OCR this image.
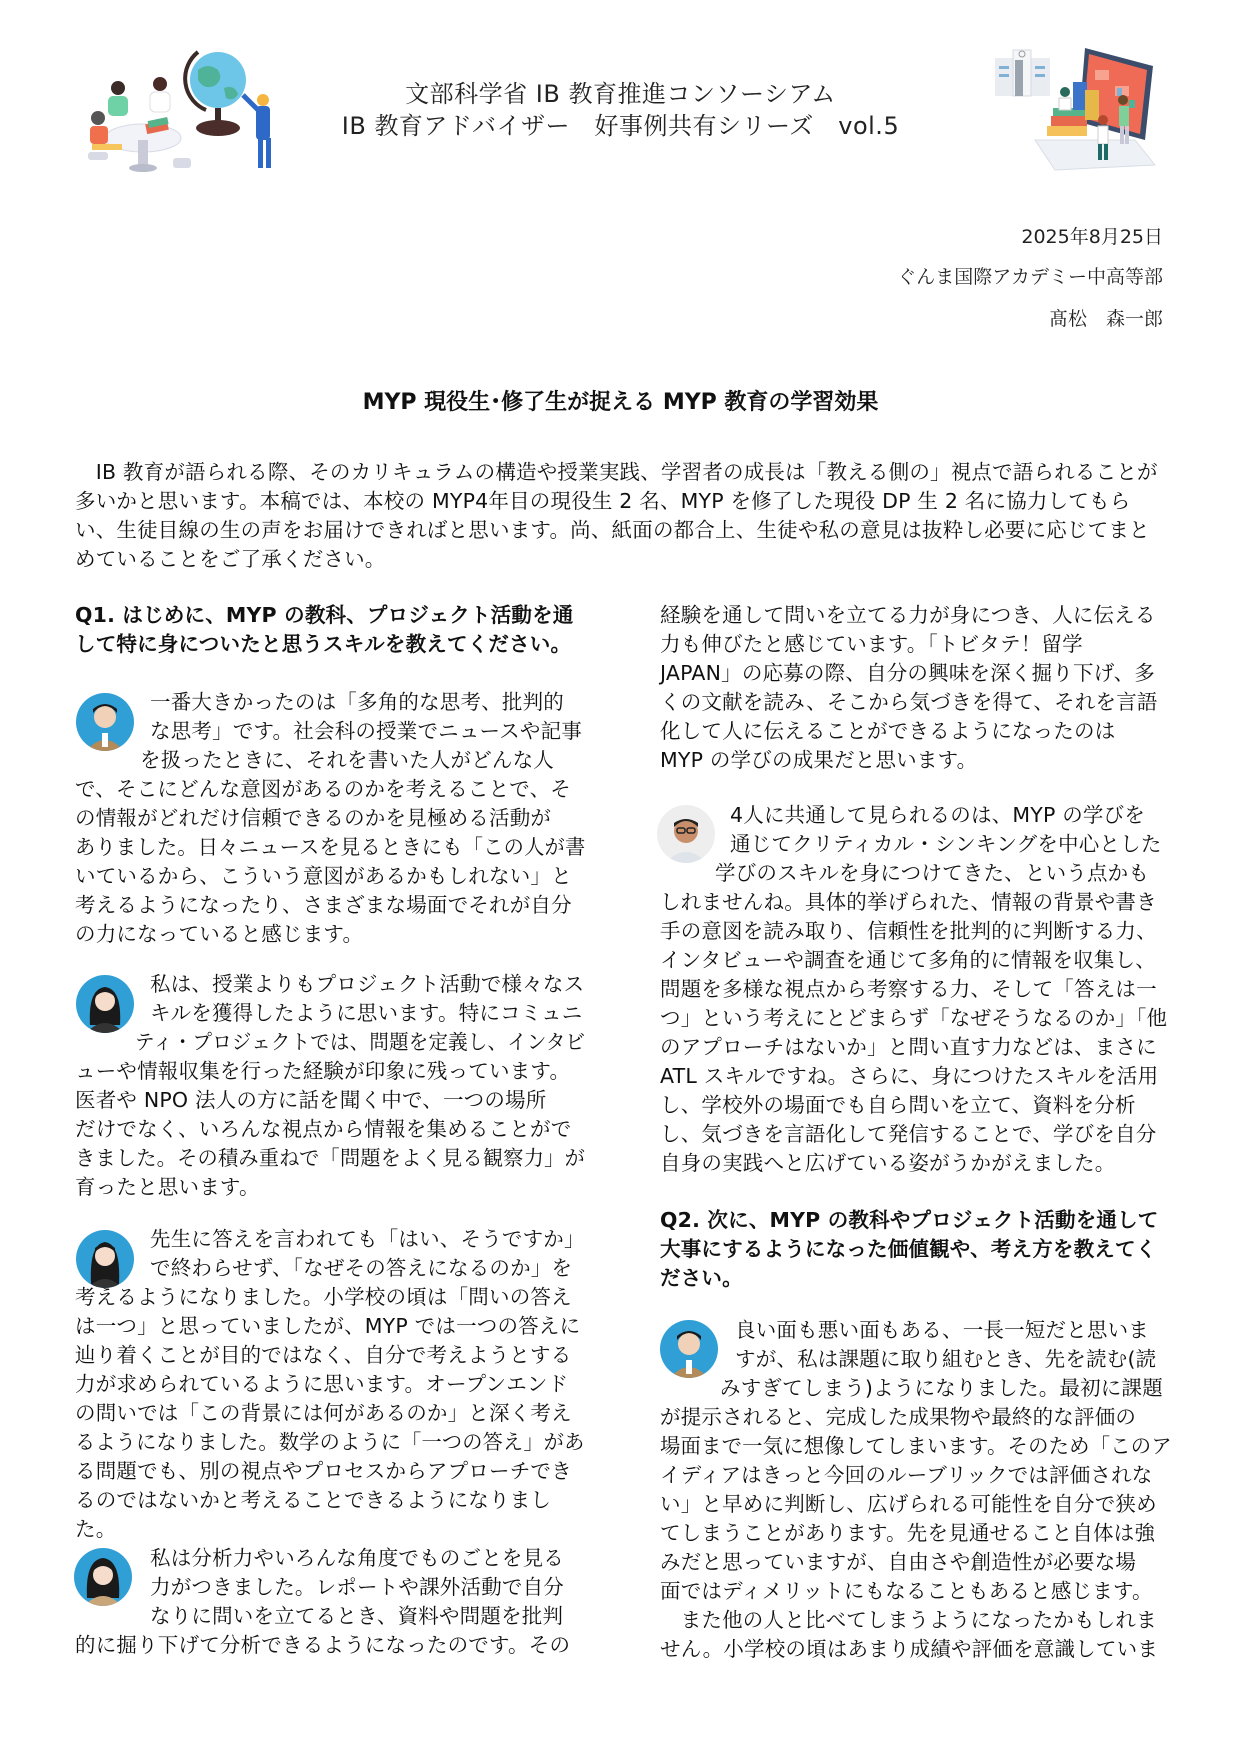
文部科学省 IB 教育推進コンソーシアム
IB 教育アドバイザー　好事例共有シリーズ　vol.5
2025年8月25日
ぐんま国際アカデミー中高等部
髙松　森一郎
MYP 現役生･修了生が捉える MYP 教育の学習効果
　IB 教育が語られる際、そのカリキュラムの構造や授業実践、学習者の成長は「教える側の」視点で語られることが
多いかと思います。本稿では、本校の MYP4年目の現役生 2 名、MYP を修了した現役 DP 生 2 名に協力してもら
い、生徒目線の生の声をお届けできればと思います。尚、紙面の都合上、生徒や私の意見は抜粋し必要に応じてまと
めていることをご了承ください。
Q1. はじめに、MYP の教科、プロジェクト活動を通
して特に身についたと思うスキルを教えてください。
一番大きかったのは「多角的な思考、批判的
な思考」です。社会科の授業でニュースや記事
を扱ったときに、それを書いた人がどんな人
で、そこにどんな意図があるのかを考えることで、そ
の情報がどれだけ信頼できるのかを見極める活動が
ありました。日々ニュースを見るときにも「この人が書
いているから、こういう意図があるかもしれない」と
考えるようになったり、さまざまな場面でそれが自分
の力になっていると感じます。
私は、授業よりもプロジェクト活動で様々なス
キルを獲得したように思います。特にコミュニ
ティ・プロジェクトでは、問題を定義し、インタビ
ューや情報収集を行った経験が印象に残っています。
医者や NPO 法人の方に話を聞く中で、一つの場所
だけでなく、いろんな視点から情報を集めることがで
きました。その積み重ねで「問題をよく見る観察力」が
育ったと思います。
先生に答えを言われても「はい、そうですか」
で終わらせず、「なぜその答えになるのか」を
考えるようになりました。小学校の頃は「問いの答え
は一つ」と思っていましたが、MYP では一つの答えに
辿り着くことが目的ではなく、自分で考えようとする
力が求められているように思います。オープンエンド
の問いでは「この背景には何があるのか」と深く考え
るようになりました。数学のように「一つの答え」があ
る問題でも、別の視点やプロセスからアプローチでき
るのではないかと考えることできるようになりまし
た。
私は分析力やいろんな角度でものごとを見る
力がつきました。レポートや課外活動で自分
なりに問いを立てるとき、資料や問題を批判
的に掘り下げて分析できるようになったのです。その
経験を通して問いを立てる力が身につき、人に伝える
力も伸びたと感じています。「トビタテ！留学
JAPAN」の応募の際、自分の興味を深く掘り下げ、多
くの文献を読み、そこから気づきを得て、それを言語
化して人に伝えることができるようになったのは
MYP の学びの成果だと思います。
4人に共通して見られるのは、MYP の学びを
通じてクリティカル・シンキングを中心とした
学びのスキルを身につけてきた、という点かも
しれませんね。具体的挙げられた、情報の背景や書き
手の意図を読み取り、信頼性を批判的に判断する力、
インタビューや調査を通じて多角的に情報を収集し、
問題を多様な視点から考察する力、そして「答えは一
つ」という考えにとどまらず「なぜそうなるのか」「他
のアプローチはないか」と問い直す力などは、まさに
ATL スキルですね。さらに、身につけたスキルを活用
し、学校外の場面でも自ら問いを立て、資料を分析
し、気づきを言語化して発信することで、学びを自分
自身の実践へと広げている姿がうかがえました。
Q2. 次に、MYP の教科やプロジェクト活動を通して
大事にするようになった価値観や、考え方を教えてく
ださい。
良い面も悪い面もある、一長一短だと思いま
すが、私は課題に取り組むとき、先を読む(読
みすぎてしまう)ようになりました。最初に課題
が提示されると、完成した成果物や最終的な評価の
場面まで一気に想像してしまいます。そのため「このア
イディアはきっと今回のルーブリックでは評価されな
い」と早めに判断し、広げられる可能性を自分で狭め
てしまうことがあります。先を見通せること自体は強
みだと思っていますが、自由さや創造性が必要な場
面ではディメリットにもなることもあると感じます。
　また他の人と比べてしまうようになったかもしれま
せん。小学校の頃はあまり成績や評価を意識していま
